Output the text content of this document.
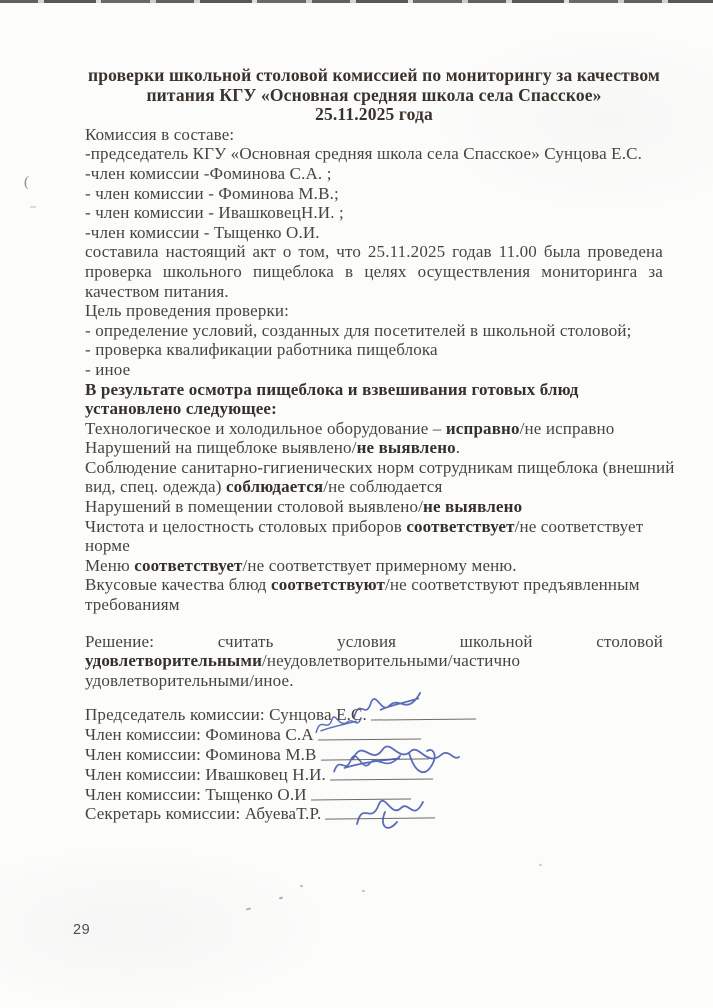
проверки школьной столовой комиссией по мониторингу за качеством
питания КГУ «Основная средняя школа села Спасское»
25.11.2025 года
Комиссия в составе:
-председатель КГУ «Основная средняя школа села Спасское» Сунцова Е.С.
-член комиссии -Фоминова С.А. ;
- член комиссии - Фоминова М.В.;
- член комиссии - ИвашковецН.И. ;
-член комиссии - Тыщенко О.И.
составила настоящий акт о том, что 25.11.2025 годав 11.00 была проведена
проверка школьного пищеблока в целях осуществления мониторинга за
качеством питания.
Цель проведения проверки:
- определение условий, созданных для посетителей в школьной столовой;
- проверка квалификации работника пищеблока
- иное
В результате осмотра пищеблока и взвешивания готовых блюд
установлено следующее:
Технологическое и холодильное оборудование – исправно/не исправно
Нарушений на пищеблоке выявлено/не выявлено.
Соблюдение санитарно-гигиенических норм сотрудникам пищеблока (внешний
вид, спец. одежда) соблюдается/не соблюдается
Нарушений в помещении столовой выявлено/не выявлено
Чистота и целостность столовых приборов соответствует/не соответствует
норме
Меню соответствует/не соответствует примерному меню.
Вкусовые качества блюд соответствуют/не соответствуют предъявленным
требованиям
Решение: считать условия школьной столовой
удовлетворительными/неудовлетворительными/частично
удовлетворительными/иное.
Председатель комиссии: Сунцова Е.С.
Член комиссии: Фоминова С.А
Член комиссии: Фоминова М.В
Член комиссии: Ивашковец Н.И.
Член комиссии: Тыщенко О.И
Секретарь комиссии: АбуеваТ.Р.
(
29
